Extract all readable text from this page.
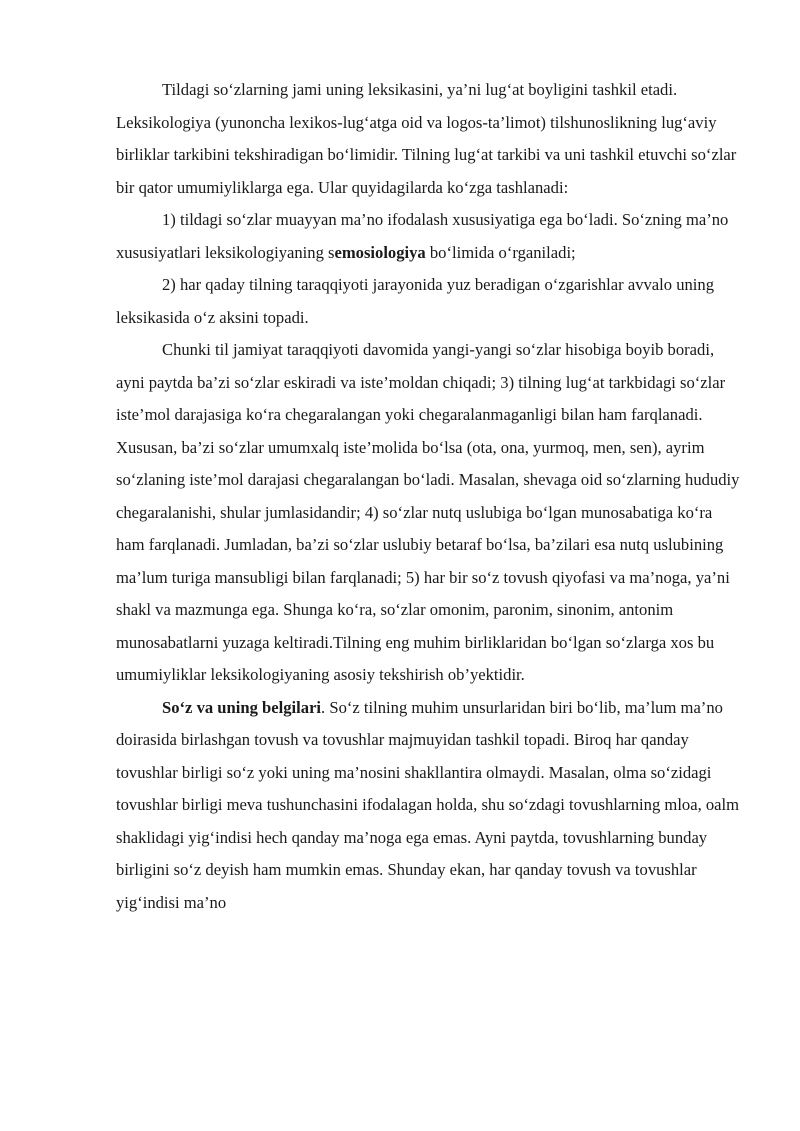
Tildagi so‘zlarning jami uning leksikasini, ya’ni lug‘at boyligini tashkil etadi. Leksikologiya (yunoncha lexikos-lug‘atga oid va logos-ta’limot) tilshunoslikning lug‘aviy birliklar tarkibini tekshiradigan bo‘limidir. Tilning lug‘at tarkibi va uni tashkil etuvchi so‘zlar bir qator umumiyliklarga ega. Ular quyidagilarda ko‘zga tashlanadi:

1) tildagi so‘zlar muayyan ma’no ifodalash xususiyatiga ega bo‘ladi. So‘zning ma’no xususiyatlari leksikologiyaning semosiologiya bo‘limida o‘rganiladi;

2) har qaday tilning taraqqiyoti jarayonida yuz beradigan o‘zgarishlar avvalo uning leksikasida o‘z aksini topadi.

Chunki til jamiyat taraqqiyoti davomida yangi-yangi so‘zlar hisobiga boyib boradi, ayni paytda ba’zi so‘zlar eskiradi va iste’moldan chiqadi; 3) tilning lug‘at tarkbidagi so‘zlar iste’mol darajasiga ko‘ra chegaralangan yoki chegaralanmaganligi bilan ham farqlanadi. Xususan, ba’zi so‘zlar umumxalq iste’molida bo‘lsa (ota, ona, yurmoq, men, sen), ayrim so‘zlaning iste’mol darajasi chegaralangan bo‘ladi. Masalan, shevaga oid so‘zlarning hududiy chegaralanishi, shular jumlasidandir; 4) so‘zlar nutq uslubiga bo‘lgan munosabatiga ko‘ra ham farqlanadi. Jumladan, ba’zi so‘zlar uslubiy betaraf bo‘lsa, ba’zilari esa nutq uslubining ma’lum turiga mansubligi bilan farqlanadi; 5) har bir so‘z tovush qiyofasi va ma’noga, ya’ni shakl va mazmunga ega. Shunga ko‘ra, so‘zlar omonim, paronim, sinonim, antonim munosabatlarni yuzaga keltiradi.Tilning eng muhim birliklaridan bo‘lgan so‘zlarga xos bu umumiyliklar leksikologiyaning asosiy tekshirish ob’yektidir.

So‘z va uning belgilari. So‘z tilning muhim unsurlaridan biri bo‘lib, ma’lum ma’no doirasida birlashgan tovush va tovushlar majmuyidan tashkil topadi. Biroq har qanday tovushlar birligi so‘z yoki uning ma’nosini shakllantira olmaydi. Masalan, olma so‘zidagi tovushlar birligi meva tushunchasini ifodalagan holda, shu so‘zdagi tovushlarning mloa, oalm shaklidagi yig‘indisi hech qanday ma’noga ega emas. Ayni paytda, tovushlarning bunday birligini so‘z deyish ham mumkin emas. Shunday ekan, har qanday tovush va tovushlar yig‘indisi ma’no
